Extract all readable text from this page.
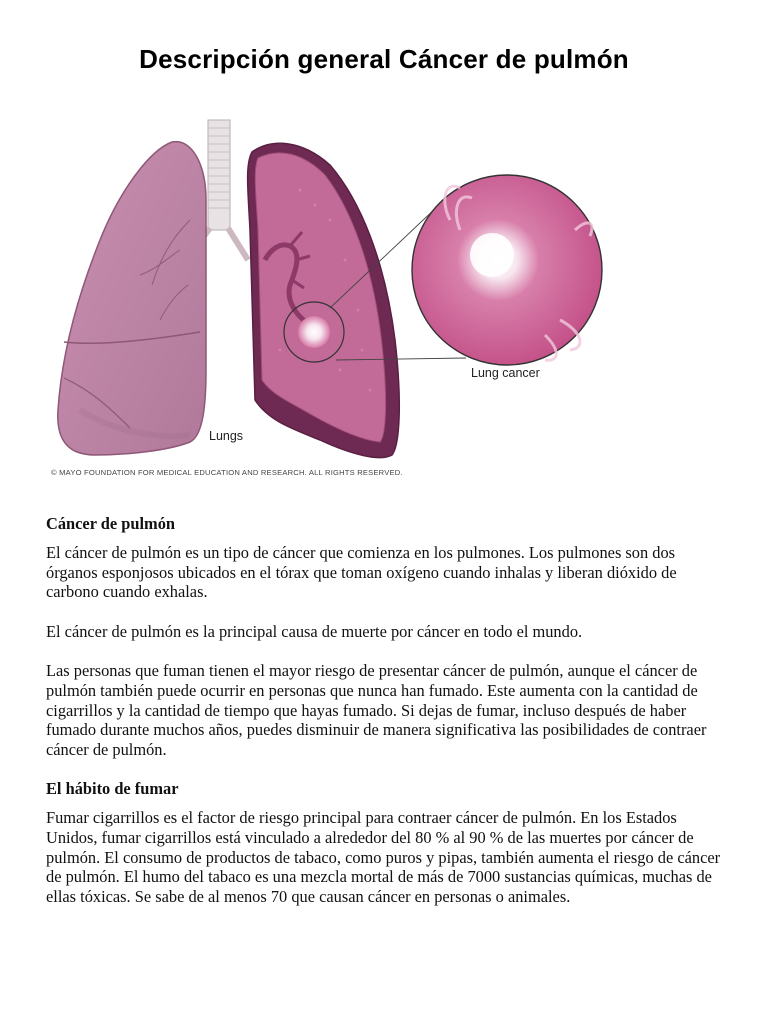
Descripción general Cáncer de pulmón
Lung cancer
Lungs
© MAYO FOUNDATION FOR MEDICAL EDUCATION AND RESEARCH. ALL RIGHTS RESERVED.
Cáncer de pulmón

El cáncer de pulmón es un tipo de cáncer que comienza en los pulmones. Los pulmones son dos órganos esponjosos ubicados en el tórax que toman oxígeno cuando inhalas y liberan dióxido de carbono cuando exhalas.

El cáncer de pulmón es la principal causa de muerte por cáncer en todo el mundo.

Las personas que fuman tienen el mayor riesgo de presentar cáncer de pulmón, aunque el cáncer de pulmón también puede ocurrir en personas que nunca han fumado. Este aumenta con la cantidad de cigarrillos y la cantidad de tiempo que hayas fumado. Si dejas de fumar, incluso después de haber fumado durante muchos años, puedes disminuir de manera significativa las posibilidades de contraer cáncer de pulmón.

El hábito de fumar

Fumar cigarrillos es el factor de riesgo principal para contraer cáncer de pulmón. En los Estados Unidos, fumar cigarrillos está vinculado a alrededor del 80 % al 90 % de las muertes por cáncer de pulmón. El consumo de productos de tabaco, como puros y pipas, también aumenta el riesgo de cáncer de pulmón. El humo del tabaco es una mezcla mortal de más de 7000 sustancias químicas, muchas de ellas tóxicas. Se sabe de al menos 70 que causan cáncer en personas o animales.
